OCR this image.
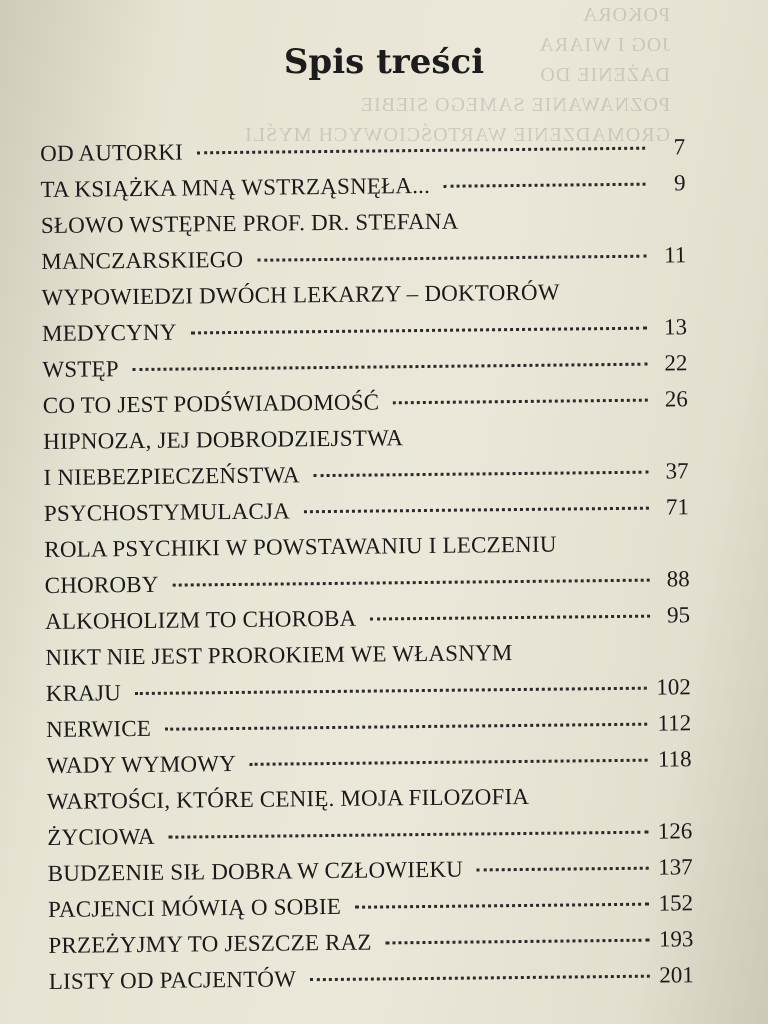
POKORA
JOG I WIARA
DAŻENIE DO
POZNAWANIE SAMEGO SIEBIE
GROMADZENIE WARTOŚCIOWYCH MYŚLI
Spis treści
OD AUTORKI	7
TA KSIĄŻKA MNĄ WSTRZĄSNĘŁA...	9
SŁOWO WSTĘPNE PROF. DR. STEFANA
MANCZARSKIEGO	11
WYPOWIEDZI DWÓCH LEKARZY – DOKTORÓW
MEDYCYNY	13
WSTĘP	22
CO TO JEST PODŚWIADOMOŚĆ	26
HIPNOZA, JEJ DOBRODZIEJSTWA
I NIEBEZPIECZEŃSTWA	37
PSYCHOSTYMULACJA	71
ROLA PSYCHIKI W POWSTAWANIU I LECZENIU
CHOROBY	88
ALKOHOLIZM TO CHOROBA	95
NIKT NIE JEST PROROKIEM WE WŁASNYM
KRAJU	102
NERWICE	112
WADY WYMOWY	118
WARTOŚCI, KTÓRE CENIĘ. MOJA FILOZOFIA
ŻYCIOWA	126
BUDZENIE SIŁ DOBRA W CZŁOWIEKU	137
PACJENCI MÓWIĄ O SOBIE	152
PRZEŻYJMY TO JESZCZE RAZ	193
LISTY OD PACJENTÓW	201
